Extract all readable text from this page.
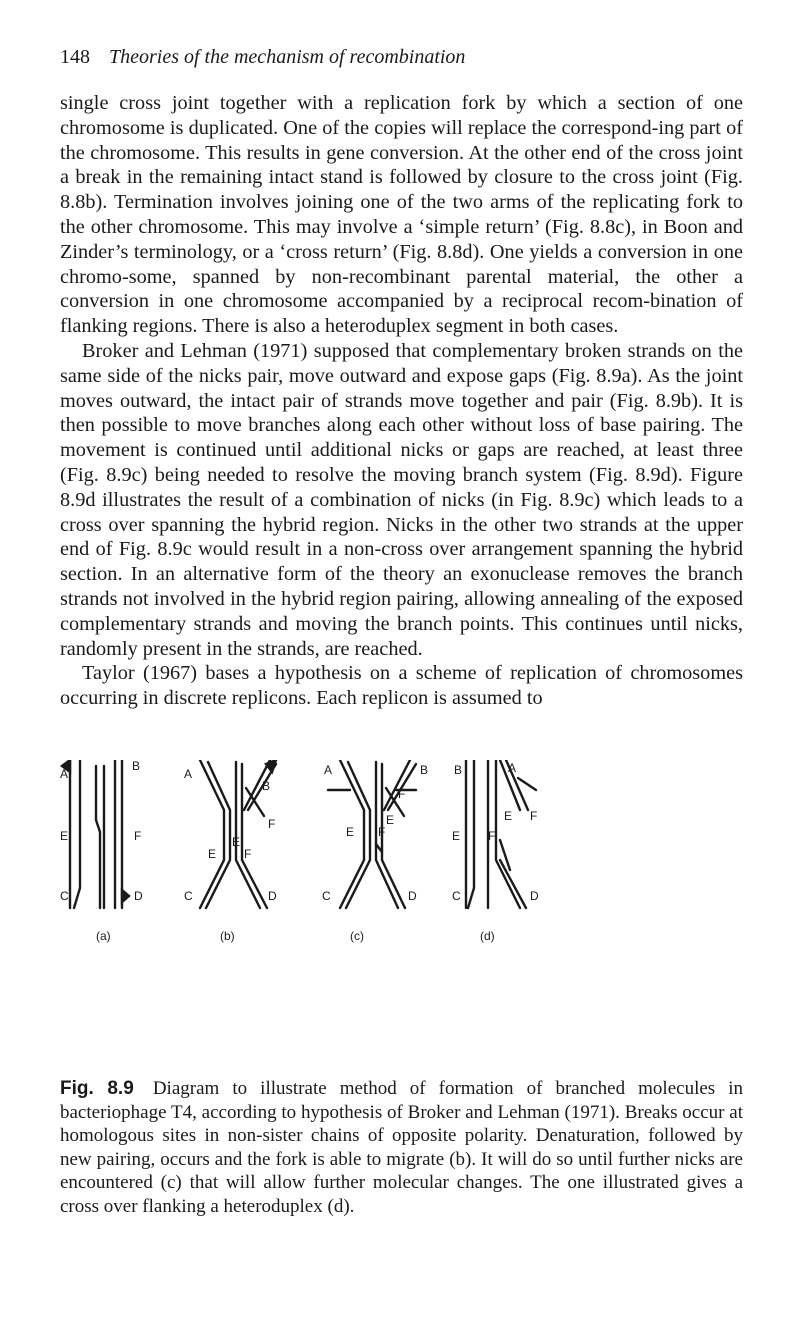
148 Theories of the mechanism of recombination

single cross joint together with a replication fork by which a section of one chromosome is duplicated. One of the copies will replace the correspond-ing part of the chromosome. This results in gene conversion. At the other end of the cross joint a break in the remaining intact stand is followed by closure to the cross joint (Fig. 8.8b). Termination involves joining one of the two arms of the replicating fork to the other chromosome. This may involve a ‘simple return’ (Fig. 8.8c), in Boon and Zinder’s terminology, or a ‘cross return’ (Fig. 8.8d). One yields a conversion in one chromo-some, spanned by non-recombinant parental material, the other a conversion in one chromosome accompanied by a reciprocal recom-bination of flanking regions. There is also a heteroduplex segment in both cases.

Broker and Lehman (1971) supposed that complementary broken strands on the same side of the nicks pair, move outward and expose gaps (Fig. 8.9a). As the joint moves outward, the intact pair of strands move together and pair (Fig. 8.9b). It is then possible to move branches along each other without loss of base pairing. The movement is continued until additional nicks or gaps are reached, at least three (Fig. 8.9c) being needed to resolve the moving branch system (Fig. 8.9d). Figure 8.9d illustrates the result of a combination of nicks (in Fig. 8.9c) which leads to a cross over spanning the hybrid region. Nicks in the other two strands at the upper end of Fig. 8.9c would result in a non-cross over arrangement spanning the hybrid section. In an alternative form of the theory an exonuclease removes the branch strands not involved in the hybrid region pairing, allowing annealing of the exposed complementary strands and moving the branch points. This continues until nicks, randomly present in the strands, are reached.

Taylor (1967) bases a hypothesis on a scheme of replication of chromosomes occurring in discrete replicons. Each replicon is assumed to

A
B
E	F
C	D
A
B
F
E
E F
C	D
A	B
F
E
E F
C	D
B	A
E F
E F
C	D
(a)	(b)	(c)	(d)
Fig. 8.9 Diagram to illustrate method of formation of branched molecules in bacteriophage T4, according to hypothesis of Broker and Lehman (1971). Breaks occur at homologous sites in non-sister chains of opposite polarity. Denaturation, followed by new pairing, occurs and the fork is able to migrate (b). It will do so until further nicks are encountered (c) that will allow further molecular changes. The one illustrated gives a cross over flanking a heteroduplex (d).
